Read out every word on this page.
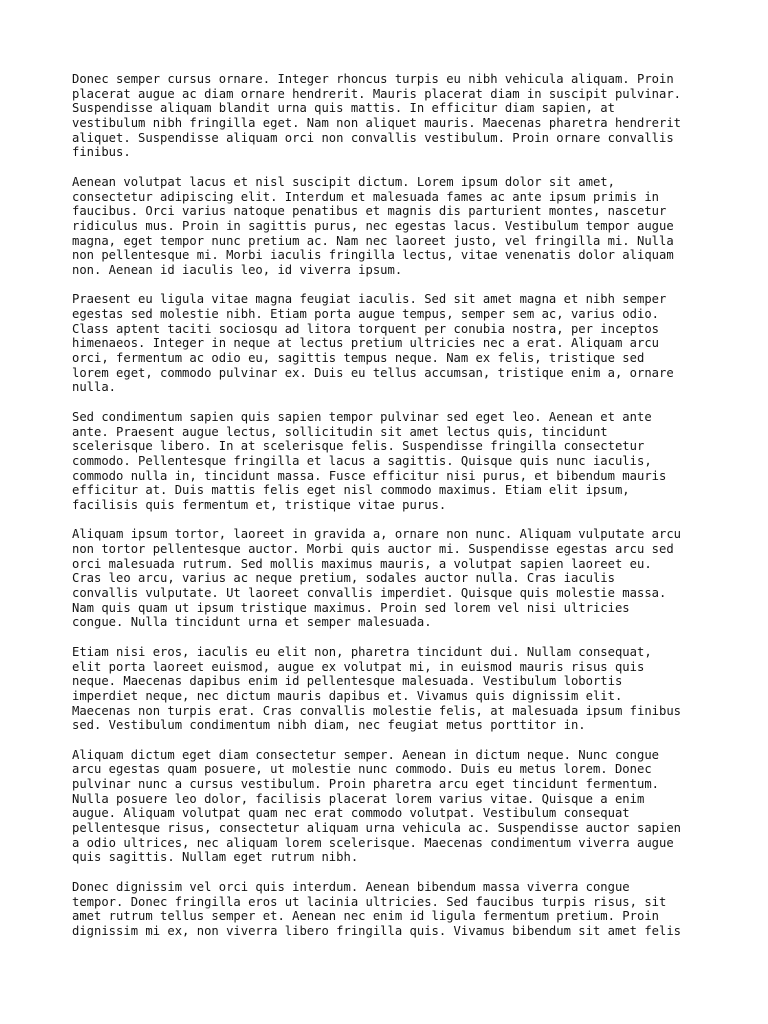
Donec semper cursus ornare. Integer rhoncus turpis eu nibh vehicula aliquam. Proin
placerat augue ac diam ornare hendrerit. Mauris placerat diam in suscipit pulvinar.
Suspendisse aliquam blandit urna quis mattis. In efficitur diam sapien, at
vestibulum nibh fringilla eget. Nam non aliquet mauris. Maecenas pharetra hendrerit
aliquet. Suspendisse aliquam orci non convallis vestibulum. Proin ornare convallis
finibus.

Aenean volutpat lacus et nisl suscipit dictum. Lorem ipsum dolor sit amet,
consectetur adipiscing elit. Interdum et malesuada fames ac ante ipsum primis in
faucibus. Orci varius natoque penatibus et magnis dis parturient montes, nascetur
ridiculus mus. Proin in sagittis purus, nec egestas lacus. Vestibulum tempor augue
magna, eget tempor nunc pretium ac. Nam nec laoreet justo, vel fringilla mi. Nulla
non pellentesque mi. Morbi iaculis fringilla lectus, vitae venenatis dolor aliquam
non. Aenean id iaculis leo, id viverra ipsum.

Praesent eu ligula vitae magna feugiat iaculis. Sed sit amet magna et nibh semper
egestas sed molestie nibh. Etiam porta augue tempus, semper sem ac, varius odio.
Class aptent taciti sociosqu ad litora torquent per conubia nostra, per inceptos
himenaeos. Integer in neque at lectus pretium ultricies nec a erat. Aliquam arcu
orci, fermentum ac odio eu, sagittis tempus neque. Nam ex felis, tristique sed
lorem eget, commodo pulvinar ex. Duis eu tellus accumsan, tristique enim a, ornare
nulla.

Sed condimentum sapien quis sapien tempor pulvinar sed eget leo. Aenean et ante
ante. Praesent augue lectus, sollicitudin sit amet lectus quis, tincidunt
scelerisque libero. In at scelerisque felis. Suspendisse fringilla consectetur
commodo. Pellentesque fringilla et lacus a sagittis. Quisque quis nunc iaculis,
commodo nulla in, tincidunt massa. Fusce efficitur nisi purus, et bibendum mauris
efficitur at. Duis mattis felis eget nisl commodo maximus. Etiam elit ipsum,
facilisis quis fermentum et, tristique vitae purus.

Aliquam ipsum tortor, laoreet in gravida a, ornare non nunc. Aliquam vulputate arcu
non tortor pellentesque auctor. Morbi quis auctor mi. Suspendisse egestas arcu sed
orci malesuada rutrum. Sed mollis maximus mauris, a volutpat sapien laoreet eu.
Cras leo arcu, varius ac neque pretium, sodales auctor nulla. Cras iaculis
convallis vulputate. Ut laoreet convallis imperdiet. Quisque quis molestie massa.
Nam quis quam ut ipsum tristique maximus. Proin sed lorem vel nisi ultricies
congue. Nulla tincidunt urna et semper malesuada.

Etiam nisi eros, iaculis eu elit non, pharetra tincidunt dui. Nullam consequat,
elit porta laoreet euismod, augue ex volutpat mi, in euismod mauris risus quis
neque. Maecenas dapibus enim id pellentesque malesuada. Vestibulum lobortis
imperdiet neque, nec dictum mauris dapibus et. Vivamus quis dignissim elit.
Maecenas non turpis erat. Cras convallis molestie felis, at malesuada ipsum finibus
sed. Vestibulum condimentum nibh diam, nec feugiat metus porttitor in.

Aliquam dictum eget diam consectetur semper. Aenean in dictum neque. Nunc congue
arcu egestas quam posuere, ut molestie nunc commodo. Duis eu metus lorem. Donec
pulvinar nunc a cursus vestibulum. Proin pharetra arcu eget tincidunt fermentum.
Nulla posuere leo dolor, facilisis placerat lorem varius vitae. Quisque a enim
augue. Aliquam volutpat quam nec erat commodo volutpat. Vestibulum consequat
pellentesque risus, consectetur aliquam urna vehicula ac. Suspendisse auctor sapien
a odio ultrices, nec aliquam lorem scelerisque. Maecenas condimentum viverra augue
quis sagittis. Nullam eget rutrum nibh.

Donec dignissim vel orci quis interdum. Aenean bibendum massa viverra congue
tempor. Donec fringilla eros ut lacinia ultricies. Sed faucibus turpis risus, sit
amet rutrum tellus semper et. Aenean nec enim id ligula fermentum pretium. Proin
dignissim mi ex, non viverra libero fringilla quis. Vivamus bibendum sit amet felis
